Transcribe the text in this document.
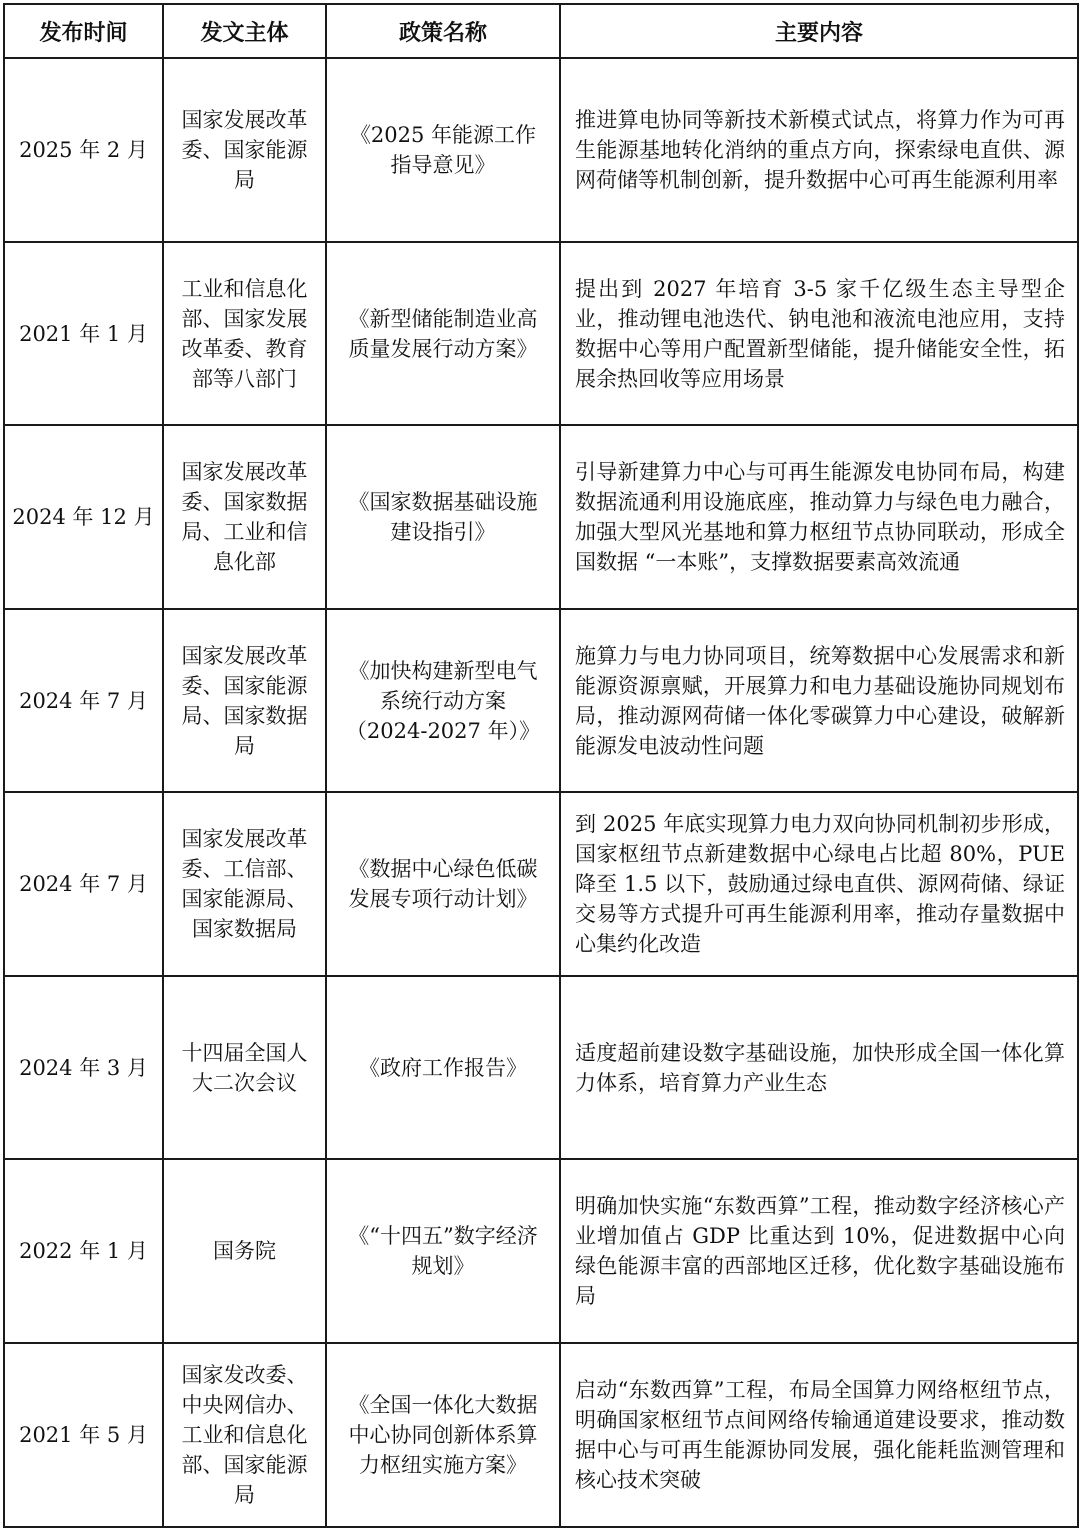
发布时间	发文主体	政策名称	主要内容
2025 年 2 月	国家发展改革委、国家能源局	《2025 年能源工作指导意见》	推进算电协同等新技术新模式试点，将算力作为可再生能源基地转化消纳的重点方向，探索绿电直供、源网荷储等机制创新，提升数据中心可再生能源利用率
2021 年 1 月	工业和信息化部、国家发展改革委、教育部等八部门	《新型储能制造业高质量发展行动方案》	提出到 2027 年培育 3-5 家千亿级生态主导型企业，推动锂电池迭代、钠电池和液流电池应用，支持数据中心等用户配置新型储能，提升储能安全性，拓展余热回收等应用场景
2024 年 12 月	国家发展改革委、国家数据局、工业和信息化部	《国家数据基础设施建设指引》	引导新建算力中心与可再生能源发电协同布局，构建数据流通利用设施底座，推动算力与绿色电力融合，加强大型风光基地和算力枢纽节点协同联动，形成全国数据 “一本账”，支撑数据要素高效流通
2024 年 7 月	国家发展改革委、国家能源局、国家数据局	《加快构建新型电气系统行动方案（2024-2027 年）》	施算力与电力协同项目，统筹数据中心发展需求和新能源资源禀赋，开展算力和电力基础设施协同规划布局，推动源网荷储一体化零碳算力中心建设，破解新能源发电波动性问题
2024 年 7 月	国家发展改革委、工信部、国家能源局、国家数据局	《数据中心绿色低碳发展专项行动计划》	到 2025 年底实现算力电力双向协同机制初步形成，国家枢纽节点新建数据中心绿电占比超 80%，PUE 降至 1.5 以下，鼓励通过绿电直供、源网荷储、绿证交易等方式提升可再生能源利用率，推动存量数据中心集约化改造
2024 年 3 月	十四届全国人大二次会议	《政府工作报告》	适度超前建设数字基础设施，加快形成全国一体化算力体系，培育算力产业生态
2022 年 1 月	国务院	《“十四五”数字经济规划》	明确加快实施“东数西算”工程，推动数字经济核心产业增加值占 GDP 比重达到 10%，促进数据中心向绿色能源丰富的西部地区迁移，优化数字基础设施布局
2021 年 5 月	国家发改委、中央网信办、工业和信息化部、国家能源局	《全国一体化大数据中心协同创新体系算力枢纽实施方案》	启动“东数西算”工程，布局全国算力网络枢纽节点，明确国家枢纽节点间网络传输通道建设要求，推动数据中心与可再生能源协同发展，强化能耗监测管理和核心技术突破
